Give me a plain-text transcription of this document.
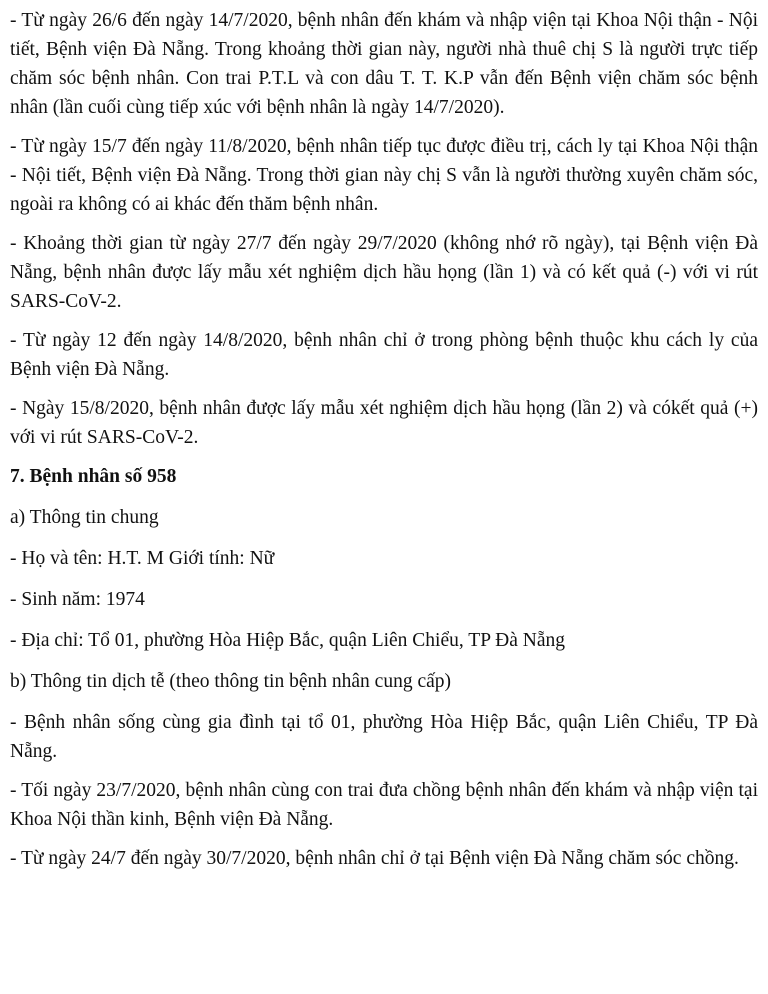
- Từ ngày 26/6 đến ngày 14/7/2020, bệnh nhân đến khám và nhập viện tại Khoa Nội thận - Nội tiết, Bệnh viện Đà Nẵng. Trong khoảng thời gian này, người nhà thuê chị S là người trực tiếp chăm sóc bệnh nhân. Con trai P.T.L và con dâu T. T. K.P vẫn đến Bệnh viện chăm sóc bệnh nhân (lần cuối cùng tiếp xúc với bệnh nhân là ngày 14/7/2020).

- Từ ngày 15/7 đến ngày 11/8/2020, bệnh nhân tiếp tục được điều trị, cách ly tại Khoa Nội thận - Nội tiết, Bệnh viện Đà Nẵng. Trong thời gian này chị S vẫn là người thường xuyên chăm sóc, ngoài ra không có ai khác đến thăm bệnh nhân.

- Khoảng thời gian từ ngày 27/7 đến ngày 29/7/2020 (không nhớ rõ ngày), tại Bệnh viện Đà Nẵng, bệnh nhân được lấy mẫu xét nghiệm dịch hầu họng (lần 1) và có kết quả (-) với vi rút SARS-CoV-2.

- Từ ngày 12 đến ngày 14/8/2020, bệnh nhân chỉ ở trong phòng bệnh thuộc khu cách ly của Bệnh viện Đà Nẵng.

- Ngày 15/8/2020, bệnh nhân được lấy mẫu xét nghiệm dịch hầu họng (lần 2) và cókết quả (+) với vi rút SARS-CoV-2.

7. Bệnh nhân số 958

a) Thông tin chung

- Họ và tên: H.T. M Giới tính: Nữ

- Sinh năm: 1974

- Địa chỉ: Tổ 01, phường Hòa Hiệp Bắc, quận Liên Chiểu, TP Đà Nẵng

b) Thông tin dịch tễ (theo thông tin bệnh nhân cung cấp)

- Bệnh nhân sống cùng gia đình tại tổ 01, phường Hòa Hiệp Bắc, quận Liên Chiểu, TP Đà Nẵng.

- Tối ngày 23/7/2020, bệnh nhân cùng con trai đưa chồng bệnh nhân đến khám và nhập viện tại Khoa Nội thần kinh, Bệnh viện Đà Nẵng.

- Từ ngày 24/7 đến ngày 30/7/2020, bệnh nhân chỉ ở tại Bệnh viện Đà Nẵng chăm sóc chồng.
